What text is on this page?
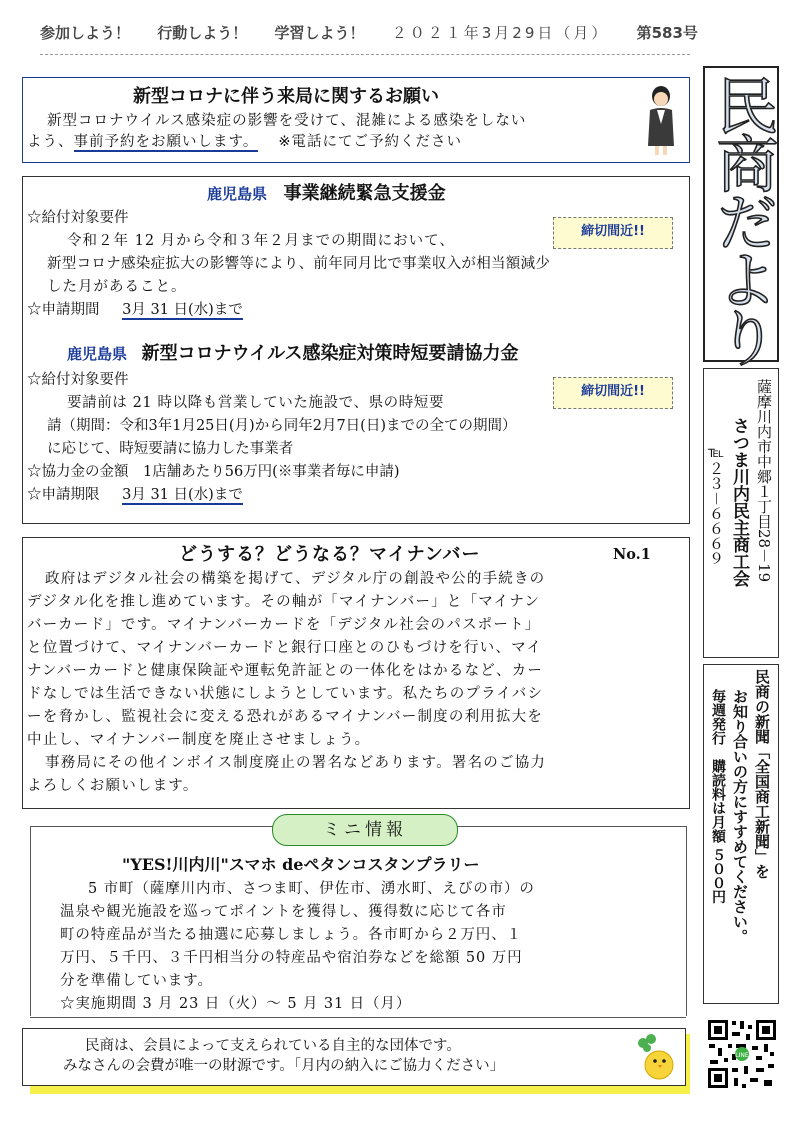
参加しよう！ 行動しよう！ 学習しよう！ ２０２１年3月29日（月） 第583号
民商だより
薩摩川内市中郷１丁目28－19
さつま川内民主商工会
℡２３－６６６９
民商の新聞「全国商工新聞」を
お知り合いの方にすすめてください。
毎週発行　購読料は月額 ５００円
LINE
新型コロナに伴う来局に関するお願い
新型コロナウイルス感染症の影響を受けて、混雑による感染をしない
よう、事前予約をお願いします。 ※電話にてご予約ください
鹿児島県 事業継続緊急支援金
☆給付対象要件
令和２年 12 月から令和３年２月までの期間において、
新型コロナ感染症拡大の影響等により、前年同月比で事業収入が相当額減少
した月があること。
☆申請期間 3月 31 日(水)まで
締切間近!!
鹿児島県 新型コロナウイルス感染症対策時短要請協力金
☆給付対象要件
要請前は 21 時以降も営業していた施設で、県の時短要
請（期間：令和3年1月25日(月)から同年2月7日(日)までの全ての期間）
に応じて、時短要請に協力した事業者
☆協力金の金額　1店舗あたり56万円(※事業者毎に申請)
☆申請期限 3月 31 日(水)まで
締切間近!!
どうする？どうなる？マイナンバー	No.1
政府はデジタル社会の構築を掲げて、デジタル庁の創設や公的手続きの
デジタル化を推し進めています。その軸が「マイナンバー」と「マイナン
バーカード」です。マイナンバーカードを「デジタル社会のパスポート」
と位置づけて、マイナンバーカードと銀行口座とのひもづけを行い、マイ
ナンバーカードと健康保険証や運転免許証との一体化をはかるなど、カー
ドなしでは生活できない状態にしようとしています。私たちのプライバシ
ーを脅かし、監視社会に変える恐れがあるマイナンバー制度の利用拡大を
中止し、マイナンバー制度を廃止させましょう。
事務局にその他インボイス制度廃止の署名などあります。署名のご協力
よろしくお願いします。
ミニ情報
"YES!川内川"スマホ deペタンコスタンプラリー
5 市町（薩摩川内市、さつま町、伊佐市、湧水町、えびの市）の
温泉や観光施設を巡ってポイントを獲得し、獲得数に応じて各市
町の特産品が当たる抽選に応募しましょう。各市町から２万円、１
万円、５千円、３千円相当分の特産品や宿泊券などを総額 50 万円
分を準備しています。
☆実施期間 3 月 23 日（火）～ 5 月 31 日（月）
民商は、会員によって支えられている自主的な団体です。
みなさんの会費が唯一の財源です。「月内の納入にご協力ください」
